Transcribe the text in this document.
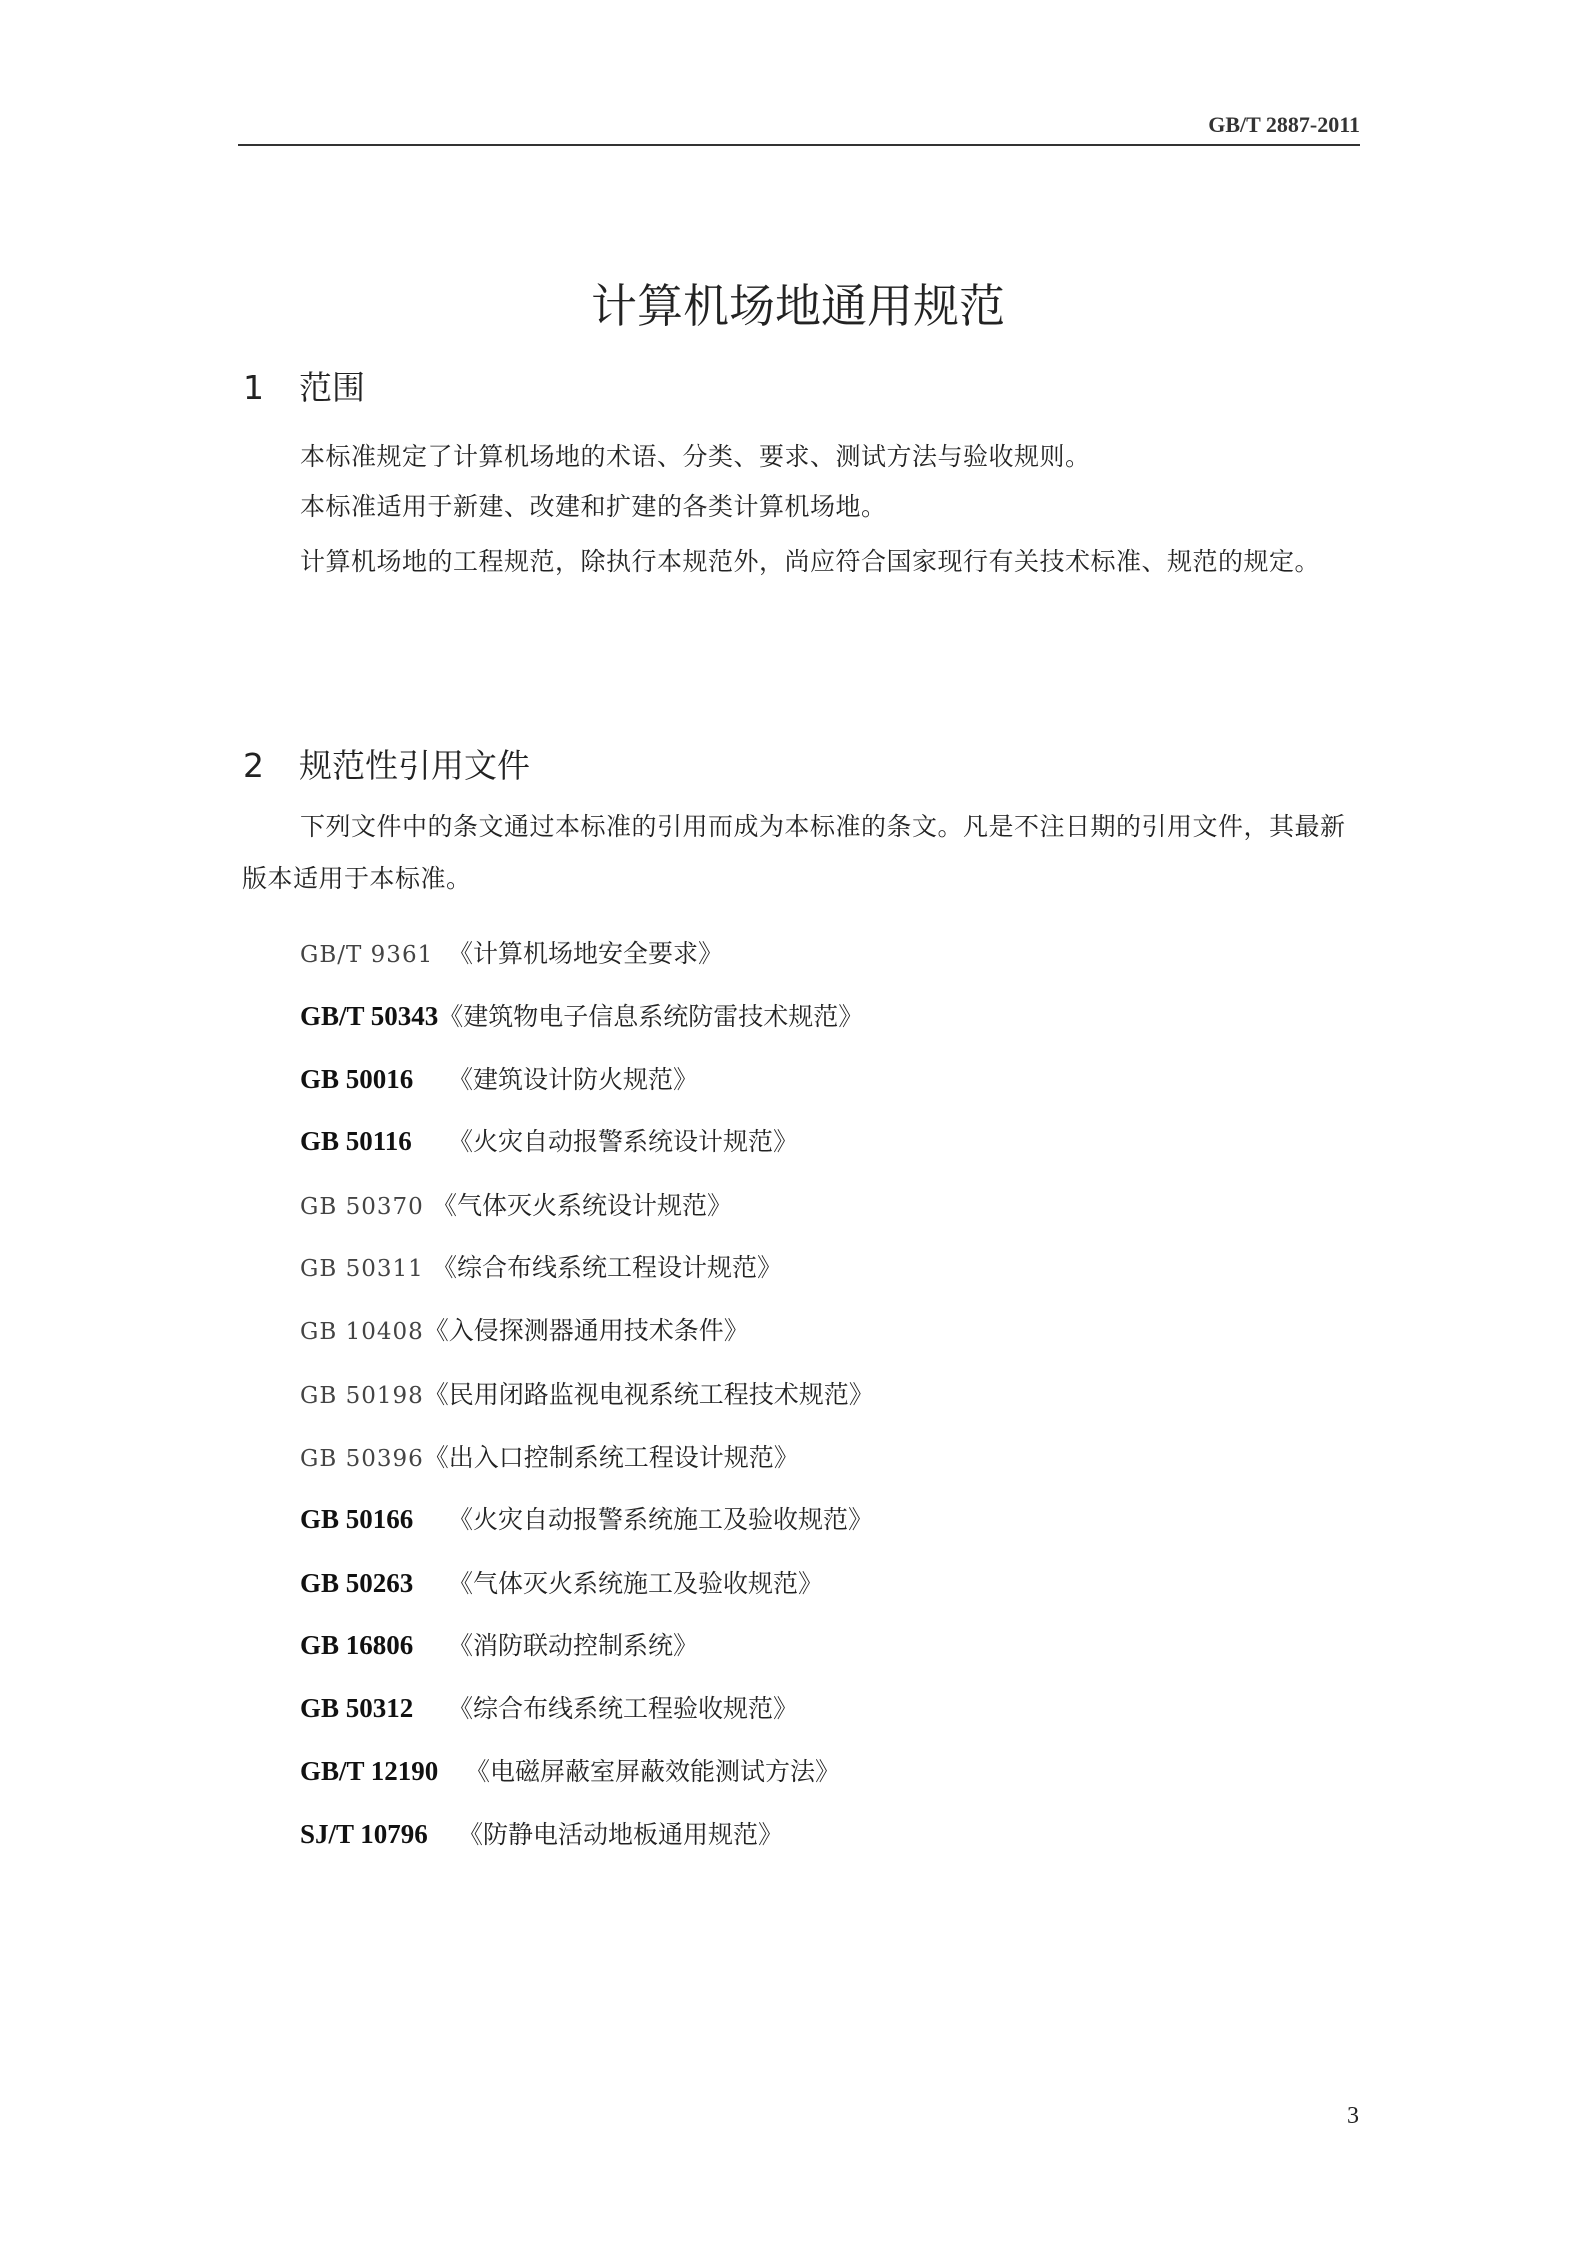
GB/T 2887-2011
计算机场地通用规范
1 范围
本标准规定了计算机场地的术语、分类、要求、测试方法与验收规则。
本标准适用于新建、改建和扩建的各类计算机场地。
计算机场地的工程规范，除执行本规范外，尚应符合国家现行有关技术标准、规范的规定。
2 规范性引用文件
下列文件中的条文通过本标准的引用而成为本标准的条文。凡是不注日期的引用文件，其最新版本适用于本标准。
GB/T 9361 《计算机场地安全要求》
GB/T 50343《建筑物电子信息系统防雷技术规范》
GB 50016 《建筑设计防火规范》
GB 50116 《火灾自动报警系统设计规范》
GB 50370 《气体灭火系统设计规范》
GB 50311 《综合布线系统工程设计规范》
GB 10408《入侵探测器通用技术条件》
GB 50198《民用闭路监视电视系统工程技术规范》
GB 50396《出入口控制系统工程设计规范》
GB 50166 《火灾自动报警系统施工及验收规范》
GB 50263 《气体灭火系统施工及验收规范》
GB 16806 《消防联动控制系统》
GB 50312 《综合布线系统工程验收规范》
GB/T 12190 《电磁屏蔽室屏蔽效能测试方法》
SJ/T 10796 《防静电活动地板通用规范》
3
